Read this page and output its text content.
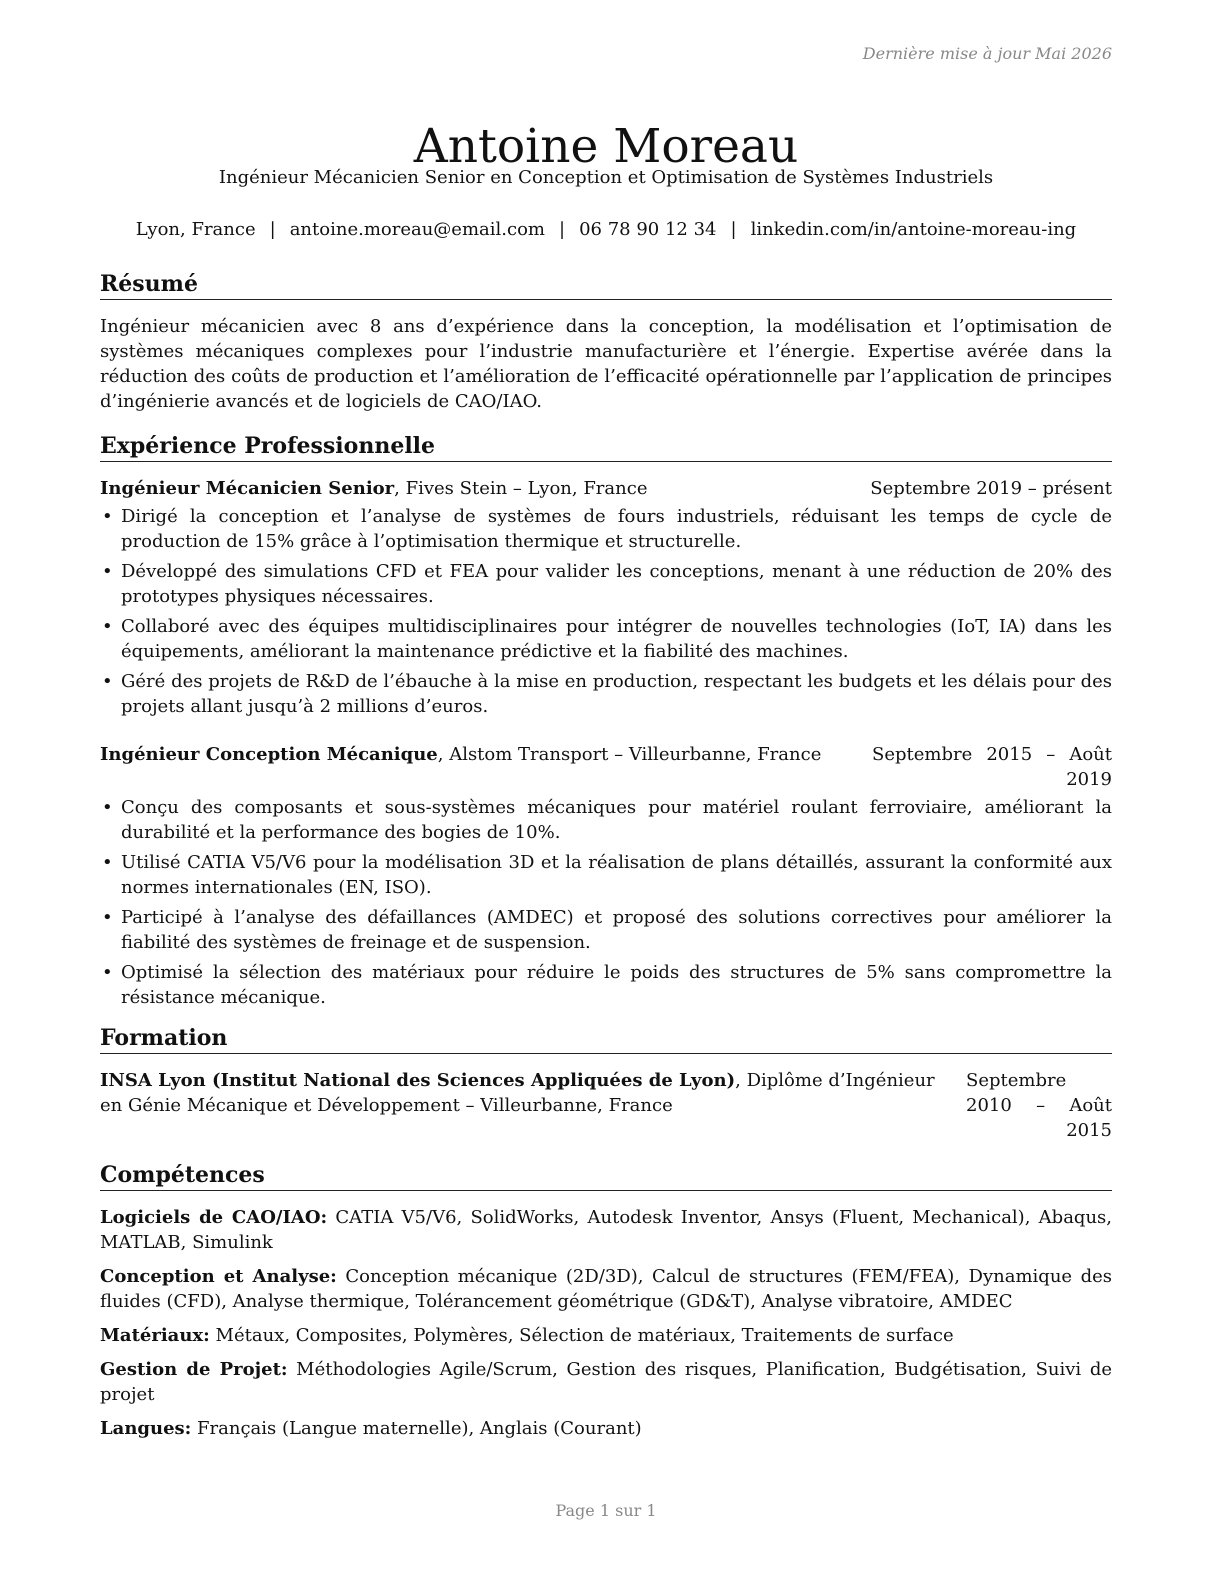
Dernière mise à jour Mai 2026
Antoine Moreau
Ingénieur Mécanicien Senior en Conception et Optimisation de Systèmes Industriels
Lyon, France | antoine.moreau@email.com | 06 78 90 12 34 | linkedin.com/in/antoine-moreau-ing
Résumé

Ingénieur mécanicien avec 8 ans d’expérience dans la conception, la modélisation et l’optimisation de systèmes mécaniques complexes pour l’industrie manufacturière et l’énergie. Expertise avérée dans la réduction des coûts de production et l’amélioration de l’efficacité opérationnelle par l’application de principes d’ingénierie avancés et de logiciels de CAO/IAO.

Expérience Professionnelle
Ingénieur Mécanicien Senior, Fives Stein – Lyon, France	Septembre 2019 – présent
• Dirigé la conception et l’analyse de systèmes de fours industriels, réduisant les temps de cycle de production de 15% grâce à l’optimisation thermique et structurelle.
• Développé des simulations CFD et FEA pour valider les conceptions, menant à une réduction de 20% des prototypes physiques nécessaires.
• Collaboré avec des équipes multidisciplinaires pour intégrer de nouvelles technologies (IoT, IA) dans les équipements, améliorant la maintenance prédictive et la fiabilité des machines.
• Géré des projets de R&D de l’ébauche à la mise en production, respectant les budgets et les délais pour des projets allant jusqu’à 2 millions d’euros.
Ingénieur Conception Mécanique, Alstom Transport – Villeurbanne, France	Septembre 2015 – Août 2019
• Conçu des composants et sous-systèmes mécaniques pour matériel roulant ferroviaire, améliorant la durabilité et la performance des bogies de 10%.
• Utilisé CATIA V5/V6 pour la modélisation 3D et la réalisation de plans détaillés, assurant la conformité aux normes internationales (EN, ISO).
• Participé à l’analyse des défaillances (AMDEC) et proposé des solutions correctives pour améliorer la fiabilité des systèmes de freinage et de suspension.
• Optimisé la sélection des matériaux pour réduire le poids des structures de 5% sans compromettre la résistance mécanique.
Formation
INSA Lyon (Institut National des Sciences Appliquées de Lyon), Diplôme d’Ingénieur en Génie Mécanique et Développement – Villeurbanne, France
Septembre 2010 – Août 2015
Compétences
Logiciels de CAO/IAO: CATIA V5/V6, SolidWorks, Autodesk Inventor, Ansys (Fluent, Mechanical), Abaqus, MATLAB, Simulink
Conception et Analyse: Conception mécanique (2D/3D), Calcul de structures (FEM/FEA), Dynamique des fluides (CFD), Analyse thermique, Tolérancement géométrique (GD&T), Analyse vibratoire, AMDEC
Matériaux: Métaux, Composites, Polymères, Sélection de matériaux, Traitements de surface
Gestion de Projet: Méthodologies Agile/Scrum, Gestion des risques, Planification, Budgétisation, Suivi de projet
Langues: Français (Langue maternelle), Anglais (Courant)
Page 1 sur 1
